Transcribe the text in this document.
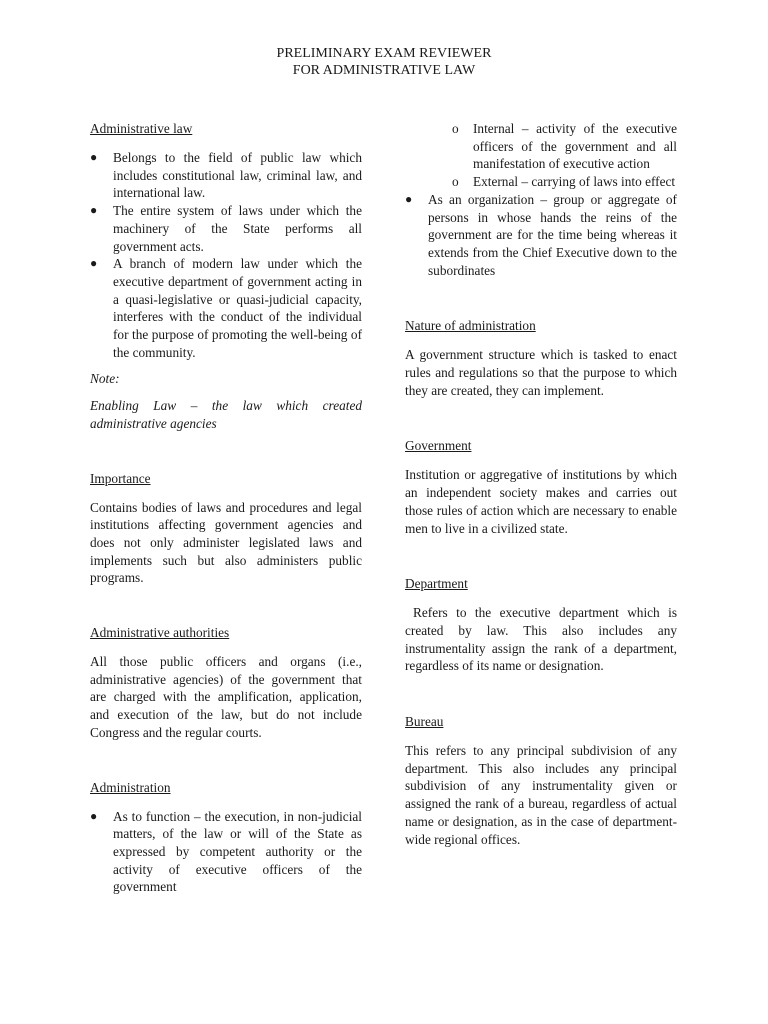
PRELIMINARY EXAM REVIEWER
FOR ADMINISTRATIVE LAW
Administrative law
●	Belongs to the field of public law which includes constitutional law, criminal law, and international law.
●	The entire system of laws under which the machinery of the State performs all government acts.
●	A branch of modern law under which the executive department of government acting in a quasi-legislative or quasi-judicial capacity, interferes with the conduct of the individual for the purpose of promoting the well-being of the community.

Note:

Enabling Law – the law which created administrative agencies

Importance

Contains bodies of laws and procedures and legal institutions affecting government agencies and does not only administer legislated laws and implements such but also administers public programs.

Administrative authorities

All those public officers and organs (i.e., administrative agencies) of the government that are charged with the amplification, application, and execution of the law, but do not include Congress and the regular courts.

Administration
●	As to function – the execution, in non-judicial matters, of the law or will of the State as expressed by competent authority or the activity of executive officers of the government
o Internal – activity of the executive officers of the government and all manifestation of executive action
o External – carrying of laws into effect
●	As an organization – group or aggregate of persons in whose hands the reins of the government are for the time being whereas it extends from the Chief Executive down to the subordinates
Nature of administration

A government structure which is tasked to enact rules and regulations so that the purpose to which they are created, they can implement.

Government

Institution or aggregative of institutions by which an independent society makes and carries out those rules of action which are necessary to enable men to live in a civilized state.

Department

Refers to the executive department which is created by law. This also includes any instrumentality assign the rank of a department, regardless of its name or designation.

Bureau

This refers to any principal subdivision of any department. This also includes any principal subdivision of any instrumentality given or assigned the rank of a bureau, regardless of actual name or designation, as in the case of department-wide regional offices.
